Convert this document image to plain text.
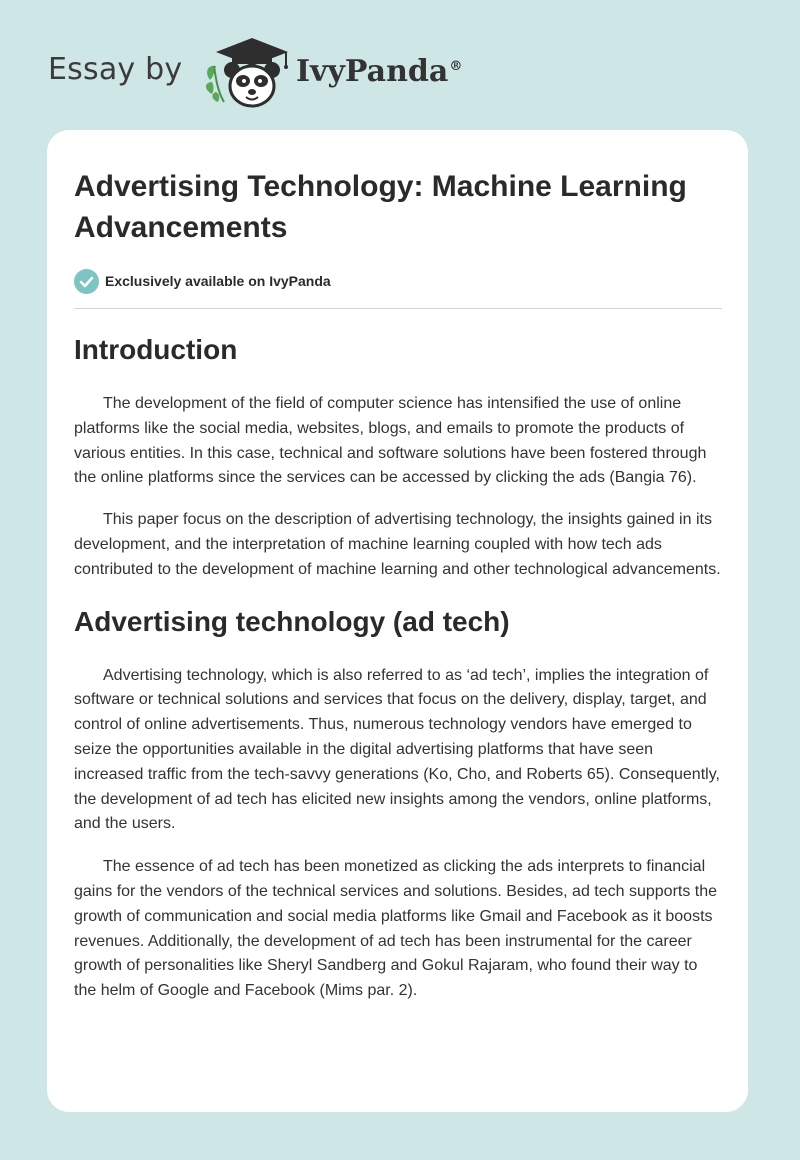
Essay by	IvyPanda®
Advertising Technology: Machine Learning Advancements
Exclusively available on IvyPanda
Introduction

The development of the field of computer science has intensified the use of online platforms like the social media, websites, blogs, and emails to promote the products of various entities. In this case, technical and software solutions have been fostered through the online platforms since the services can be accessed by clicking the ads (Bangia 76).

This paper focus on the description of advertising technology, the insights gained in its development, and the interpretation of machine learning coupled with how tech ads contributed to the development of machine learning and other technological advancements.

Advertising technology (ad tech)

Advertising technology, which is also referred to as ‘ad tech’, implies the integration of software or technical solutions and services that focus on the delivery, display, target, and control of online advertisements. Thus, numerous technology vendors have emerged to seize the opportunities available in the digital advertising platforms that have seen increased traffic from the tech-savvy generations (Ko, Cho, and Roberts 65). Consequently, the development of ad tech has elicited new insights among the vendors, online platforms, and the users.

The essence of ad tech has been monetized as clicking the ads interprets to financial gains for the vendors of the technical services and solutions. Besides, ad tech supports the growth of communication and social media platforms like Gmail and Facebook as it boosts revenues. Additionally, the development of ad tech has been instrumental for the career growth of personalities like Sheryl Sandberg and Gokul Rajaram, who found their way to the helm of Google and Facebook (Mims par. 2).
